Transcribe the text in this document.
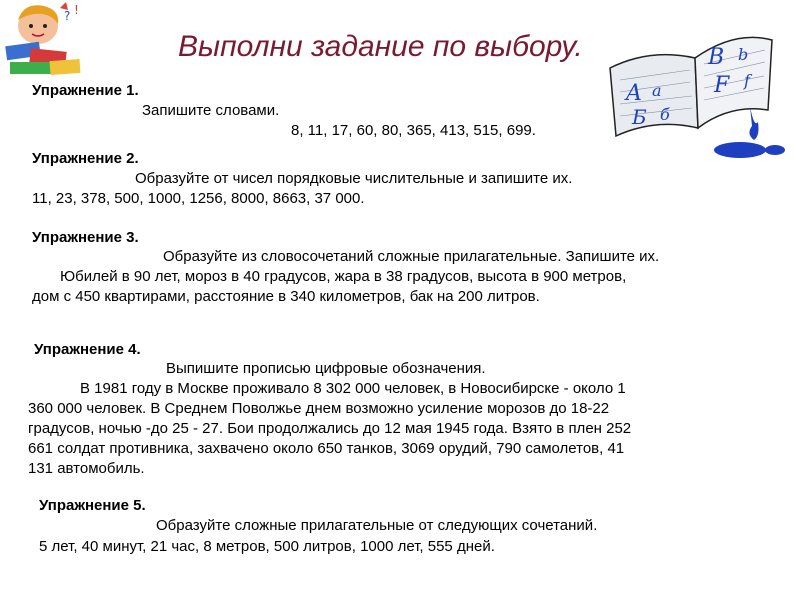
? !
Выполни задание по выбору.
A a
Б б
B b
F f
Упражнение 1.
Запишите словами.
8, 11, 17, 60, 80, 365, 413, 515, 699.
Упражнение 2.
Образуйте от чисел порядковые числительные и запишите их.
11, 23, 378, 500, 1000, 1256, 8000, 8663, 37 000.
Упражнение 3.
Образуйте из словосочетаний сложные прилагательные. Запишите их.
Юбилей в 90 лет, мороз в 40 градусов, жара в 38 градусов, высота в 900 метров,
дом с 450 квартирами, расстояние в 340 километров, бак на 200 литров.
Упражнение 4.
Выпишите прописью цифровые обозначения.
В 1981 году в Москве проживало 8 302 000 человек, в Новосибирске - около 1
360 000 человек. В Среднем Поволжье днем возможно усиление морозов до 18-22
градусов, ночью -до 25 - 27. Бои продолжались до 12 мая 1945 года. Взято в плен 252
661 солдат противника, захвачено около 650 танков, 3069 орудий, 790 самолетов, 41
131 автомобиль.
Упражнение 5.
Образуйте сложные прилагательные от следующих сочетаний.
5 лет, 40 минут, 21 час, 8 метров, 500 литров, 1000 лет, 555 дней.
